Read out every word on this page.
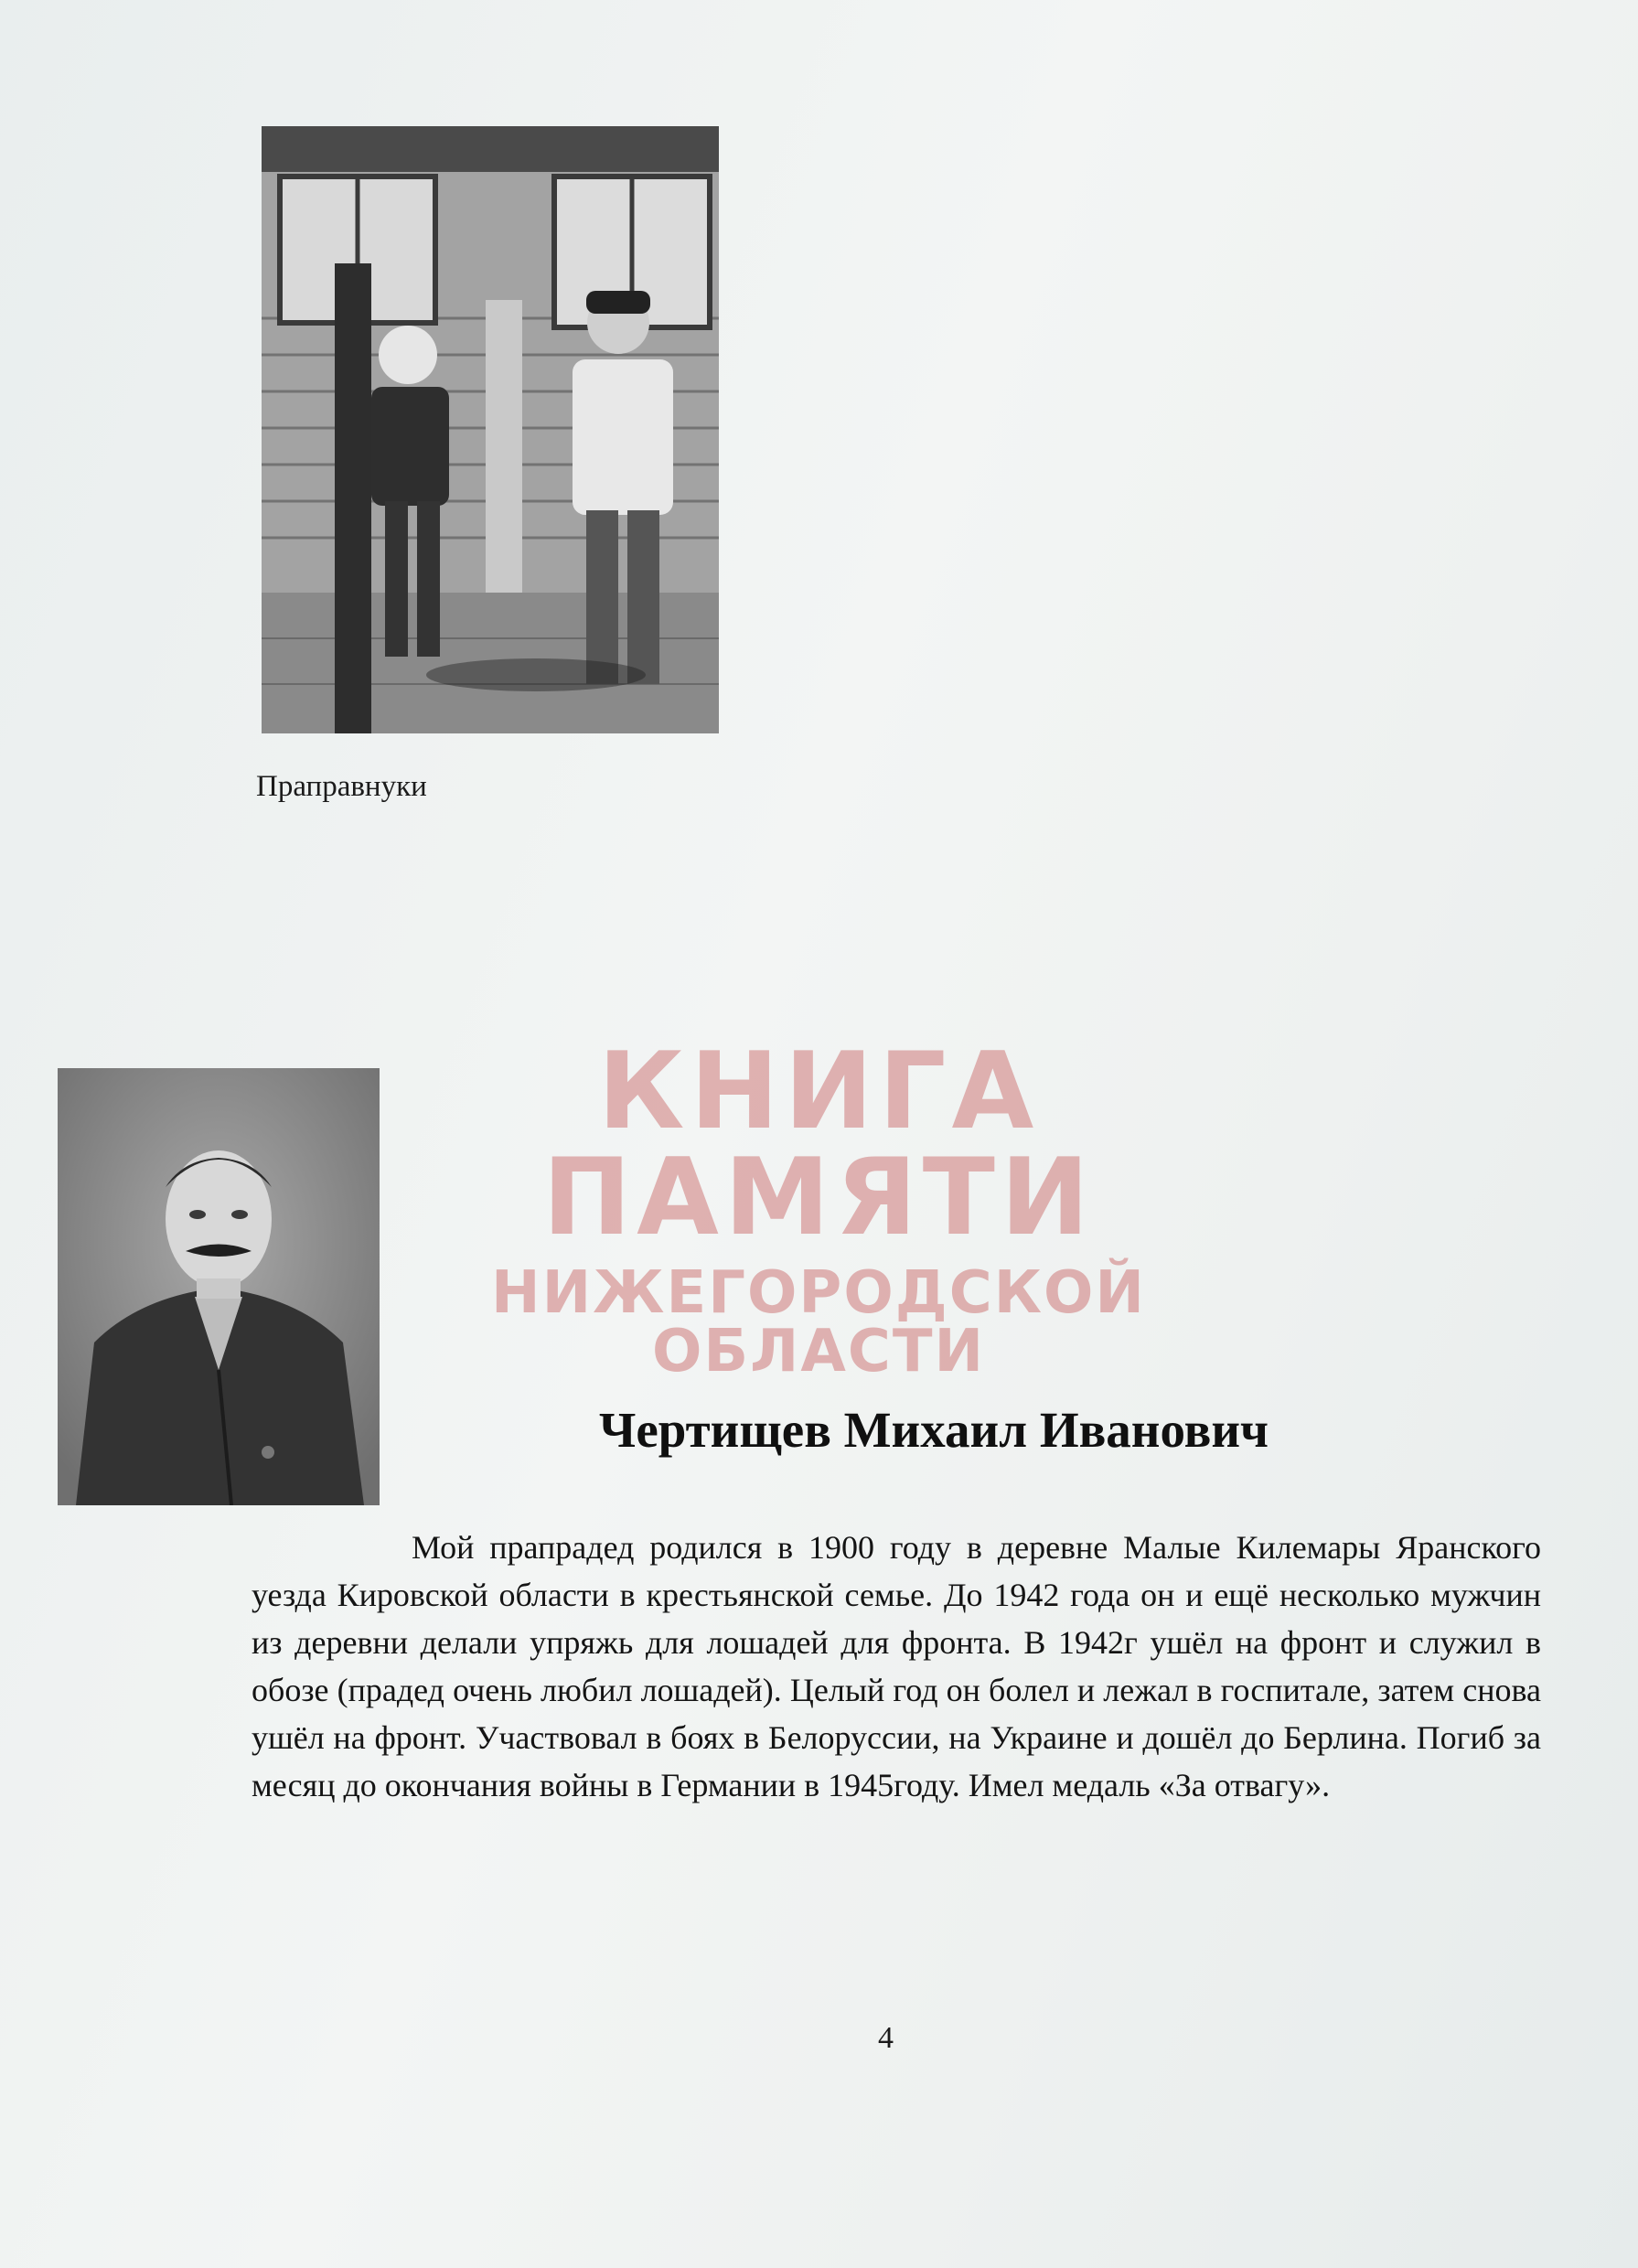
Праправнуки
КНИГА ПАМЯТИ
НИЖЕГОРОДСКОЙ ОБЛАСТИ
Чертищев Михаил Иванович

Мой прапрадед родился в 1900 году в деревне Малые Килемары Яранского уезда Кировской области в крестьянской семье. До 1942 года он и ещё несколько мужчин из деревни делали упряжь для лошадей для фронта. В 1942г ушёл на фронт и служил в обозе (прадед очень любил лошадей). Целый год он болел и лежал в госпитале, затем снова ушёл на фронт. Участвовал в боях в Белоруссии, на Украине и дошёл до Берлина. Погиб за месяц до окончания войны в Германии в 1945году. Имел медаль «За отвагу».

4
